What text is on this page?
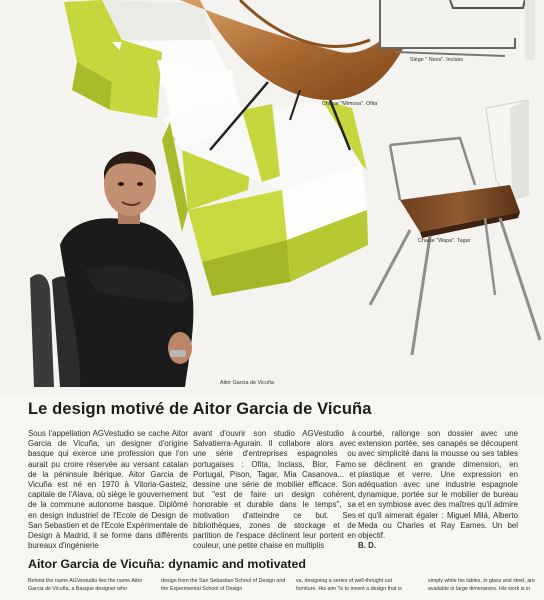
Siège " Neos". Inclass
Chaise "Mimosa". Ofita
Chaise "Wapa". Tagar
Aitor Garcia de Vicuña
Le design motivé de Aitor Garcia de Vicuña

Sous l'appellation AGVestudio se cache Aitor Garcia de Vicuña, un designer d'origine basque qui exerce une profession que l'on aurait pu croire réservée au versant catalan de la péninsule ibérique. Aitor Garcia de Vicuña est né en 1970 à Vitoria-Gasteiz, capitale de l'Alava, où siège le gouvernement de la commune autonome basque. Diplômé en design industriel de l'Ecole de Design de San Sebastien et de l'Ecole Expérimentale de Design à Madrid, il se forme dans différents bureaux d'ingénierie

avant d'ouvrir son studio AGVestudio à Salvatierra-Agurain. Il collabore alors avec une série d'entreprises espagnoles ou portugaises : Ofita, Inclass, Bior, Famo Portugal, Pison, Tagar, Mia Casanova... et dessine une série de mobilier efficace. Son but "est de faire un design cohérent, honorable et durable dans le temps", sa motivation d'atteindre ce but. Ses bibliothèques, zones de stockage et de partition de l'espace déclinent leur portent en couleur, une petite chaise en multiplis

courbé, rallonge son dossier avec une extension portée, ses canapés se découpent avec simplicité dans la mousse ou ses tables se déclinent en grande dimension, en plastique et verre. Une expression en adéquation avec une industrie espagnole dynamique, portée sur le mobilier de bureau et en symbiose avec des maîtres qu'il admire et qu'il aimerait égaler : Miguel Milá, Alberto Meda ou Charles et Ray Eames. Un bel objectif.

B. D.

Aitor Garcia de Vicuña: dynamic and motivated

Behind the name AGVestudio lies the name Aitor Garcia de Vicuña, a Basque designer who

design from the San Sebastian School of Design and the Experimental School of Design

va, designing a series of well-thought out furniture. His aim "is to invent a design that is

simply while his tables, in glass and steel, are available in large dimensions. His work is in
